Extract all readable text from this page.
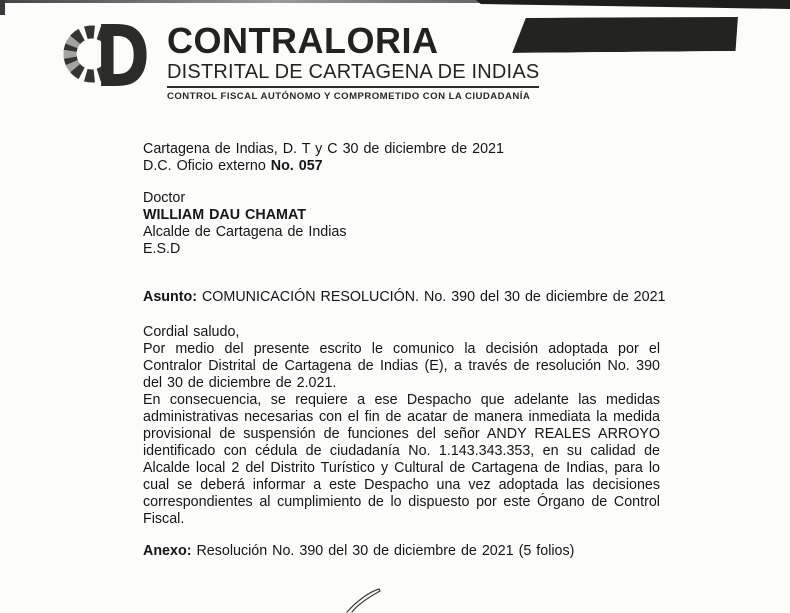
D CONTRALORIA
DISTRITAL DE CARTAGENA DE INDIAS
CONTROL FISCAL AUTÓNOMO Y COMPROMETIDO CON LA CIUDADANÍA
Cartagena de Indias, D. T y C 30 de diciembre de 2021
D.C. Oficio externo No. 057
Doctor
WILLIAM DAU CHAMAT
Alcalde de Cartagena de Indias
E.S.D
Asunto: COMUNICACIÓN RESOLUCIÓN. No. 390 del 30 de diciembre de 2021
Cordial saludo,

Por medio del presente escrito le comunico la decisión adoptada por el Contralor Distrital de Cartagena de Indias (E), a través de resolución No. 390 del 30 de diciembre de 2.021.

En consecuencia, se requiere a ese Despacho que adelante las medidas administrativas necesarias con el fin de acatar de manera inmediata la medida provisional de suspensión de funciones del señor ANDY REALES ARROYO identificado con cédula de ciudadanía No. 1.143.343.353, en su calidad de Alcalde local 2 del Distrito Turístico y Cultural de Cartagena de Indias, para lo cual se deberá informar a este Despacho una vez adoptada las decisiones correspondientes al cumplimiento de lo dispuesto por este Órgano de Control Fiscal.

Anexo: Resolución No. 390 del 30 de diciembre de 2021 (5 folios)
